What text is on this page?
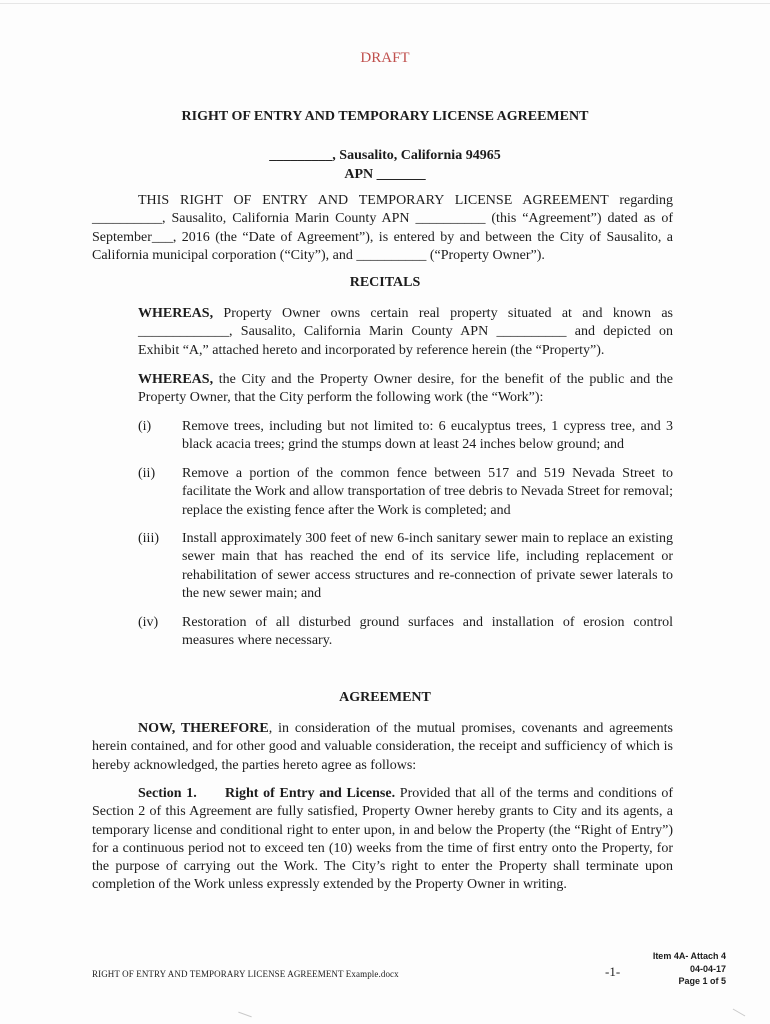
DRAFT
RIGHT OF ENTRY AND TEMPORARY LICENSE AGREEMENT
_________, Sausalito, California 94965
APN _______
THIS RIGHT OF ENTRY AND TEMPORARY LICENSE AGREEMENT regarding __________, Sausalito, California Marin County APN __________ (this “Agreement”) dated as of September___, 2016 (the “Date of Agreement”), is entered by and between the City of Sausalito, a California municipal corporation (“City”), and __________ (“Property Owner”).
RECITALS
WHEREAS, Property Owner owns certain real property situated at and known as _____________, Sausalito, California Marin County APN __________ and depicted on Exhibit “A,” attached hereto and incorporated by reference herein (the “Property”).
WHEREAS, the City and the Property Owner desire, for the benefit of the public and the Property Owner, that the City perform the following work (the “Work”):
(i) Remove trees, including but not limited to: 6 eucalyptus trees, 1 cypress tree, and 3 black acacia trees; grind the stumps down at least 24 inches below ground; and
(ii) Remove a portion of the common fence between 517 and 519 Nevada Street to facilitate the Work and allow transportation of tree debris to Nevada Street for removal; replace the existing fence after the Work is completed; and
(iii) Install approximately 300 feet of new 6-inch sanitary sewer main to replace an existing sewer main that has reached the end of its service life, including replacement or rehabilitation of sewer access structures and re-connection of private sewer laterals to the new sewer main; and
(iv) Restoration of all disturbed ground surfaces and installation of erosion control measures where necessary.
AGREEMENT
NOW, THEREFORE, in consideration of the mutual promises, covenants and agreements herein contained, and for other good and valuable consideration, the receipt and sufficiency of which is hereby acknowledged, the parties hereto agree as follows:
Section 1. Right of Entry and License. Provided that all of the terms and conditions of Section 2 of this Agreement are fully satisfied, Property Owner hereby grants to City and its agents, a temporary license and conditional right to enter upon, in and below the Property (the “Right of Entry”) for a continuous period not to exceed ten (10) weeks from the time of first entry onto the Property, for the purpose of carrying out the Work. The City’s right to enter the Property shall terminate upon completion of the Work unless expressly extended by the Property Owner in writing.
RIGHT OF ENTRY AND TEMPORARY LICENSE AGREEMENT Example.docx	-1-
Item 4A- Attach 4
04-04-17
Page 1 of 5
